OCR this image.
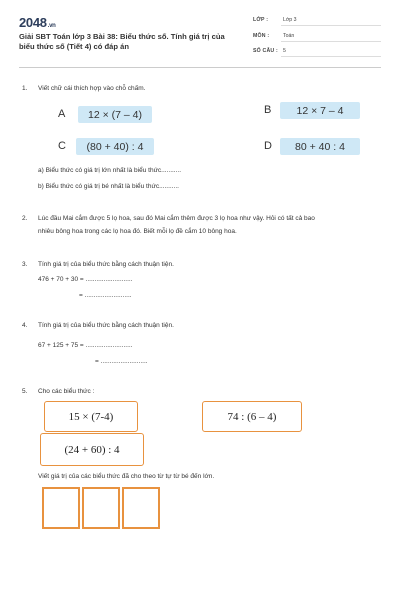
2048.vn
Giải SBT Toán lớp 3 Bài 38: Biểu thức số. Tính giá trị của biểu thức số (Tiết 4) có đáp án
LỚP :	Lớp 3
MÔN :	Toán
SỐ CÂU : 5
1. Viết chữ cái thích hợp vào chỗ chấm.
A	12 × (7 – 4)	B	12 × 7 – 4
C	(80 + 40) : 4	D	80 + 40 : 4
a) Biểu thức có giá trị lớn nhất là biểu thức...........
b) Biểu thức có giá trị bé nhất là biểu thức...........
2. Lúc đầu Mai cắm được 5 lọ hoa, sau đó Mai cắm thêm được 3 lọ hoa như vậy. Hỏi có tất cả bao
nhiêu bông hoa trong các lọ hoa đó. Biết mỗi lọ đề cắm 10 bông hoa.
3. Tính giá trị của biểu thức bằng cách thuận tiện.
476 + 70 + 30 = ..........................
= ..........................
4. Tính giá trị của biểu thức bằng cách thuận tiện.
67 + 125 + 75 = ..........................
= ..........................
5. Cho các biểu thức :
15 × (7-4)	74 : (6 – 4)
(24 + 60) : 4
Viết giá trị của các biểu thức đã cho theo từ tự từ bé đến lớn.
